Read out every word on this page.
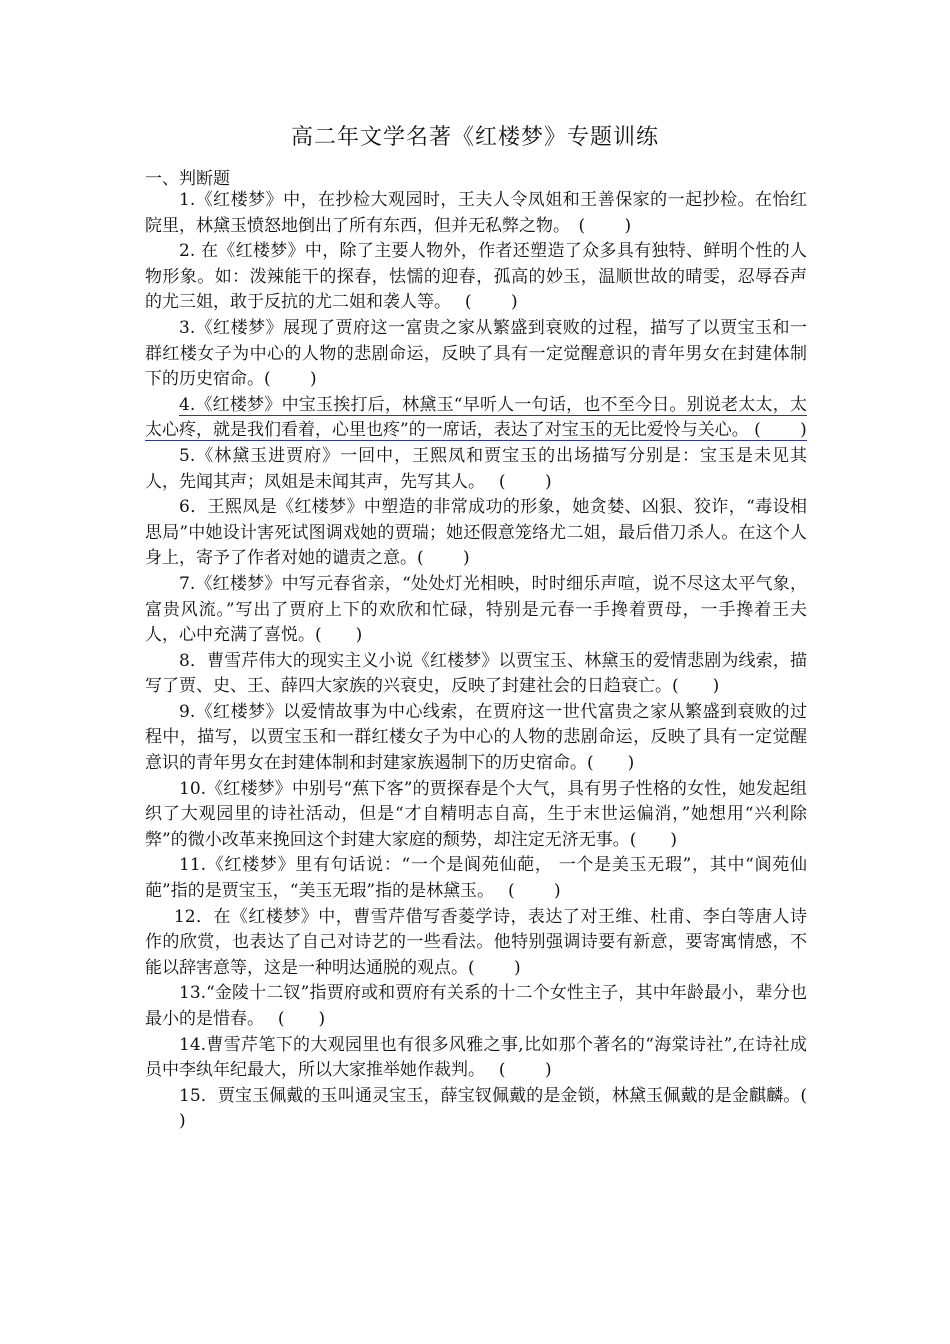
高二年文学名著《红楼梦》专题训练
一、判断题

1.《红楼梦》中，在抄检大观园时，王夫人令凤姐和王善保家的一起抄检。在怡红院里，林黛玉愤怒地倒出了所有东西，但并无私弊之物。　( 　　)

2. 在《红楼梦》中，除了主要人物外，作者还塑造了众多具有独特、鲜明个性的人物形象。如：泼辣能干的探春，怯懦的迎春，孤高的妙玉，温顺世故的晴雯，忍辱吞声的尤三姐，敢于反抗的尤二姐和袭人等。　 ( 　　)

3.《红楼梦》展现了贾府这一富贵之家从繁盛到衰败的过程，描写了以贾宝玉和一群红楼女子为中心的人物的悲剧命运，反映了具有一定觉醒意识的青年男女在封建体制下的历史宿命。(　 　)

4.《红楼梦》中宝玉挨打后，林黛玉“早听人一句话，也不至今日。别说老太太，太太心疼，就是我们看着，心里也疼”的一席话，表达了对宝玉的无比爱怜与关心。 ( 　　)

5.《林黛玉进贾府》一回中，王熙凤和贾宝玉的出场描写分别是：宝玉是未见其人，先闻其声；凤姐是未闻其声，先写其人。　 ( 　　)

6．王熙凤是《红楼梦》中塑造的非常成功的形象，她贪婪、凶狠、狡诈，“毒设相思局”中她设计害死试图调戏她的贾瑞；她还假意笼络尤二姐，最后借刀杀人。在这个人身上，寄予了作者对她的谴责之意。( 　　)

7.《红楼梦》中写元春省亲，“处处灯光相映，时时细乐声喧，说不尽这太平气象，富贵风流。”写出了贾府上下的欢欣和忙碌，特别是元春一手搀着贾母，一手搀着王夫人，心中充满了喜悦。(　　)

8．曹雪芹伟大的现实主义小说《红楼梦》以贾宝玉、林黛玉的爱情悲剧为线索，描写了贾、史、王、薛四大家族的兴衰史，反映了封建社会的日趋衰亡。(　　)

9.《红楼梦》以爱情故事为中心线索，在贾府这一世代富贵之家从繁盛到衰败的过程中，描写，以贾宝玉和一群红楼女子为中心的人物的悲剧命运，反映了具有一定觉醒意识的青年男女在封建体制和封建家族遏制下的历史宿命。(　　)

10.《红楼梦》中别号“蕉下客”的贾探春是个大气，具有男子性格的女性，她发起组织了大观园里的诗社活动，但是“才自精明志自高，生于末世运偏消，”她想用“兴利除弊”的微小改革来挽回这个封建大家庭的颓势，却注定无济无事。(　　)

11.《红楼梦》里有句话说：“一个是阆苑仙葩， 一个是美玉无瑕”，其中“阆苑仙葩”指的是贾宝玉，“美玉无瑕”指的是林黛玉。　 ( 　　)

12．在《红楼梦》中，曹雪芹借写香菱学诗，表达了对王维、杜甫、李白等唐人诗作的欣赏，也表达了自己对诗艺的一些看法。他特别强调诗要有新意，要寄寓情感，不能以辞害意等，这是一种明达通脱的观点。( 　　)

13.“金陵十二钗”指贾府或和贾府有关系的十二个女性主子，其中年龄最小，辈分也最小的是惜春。　 (　　)

14.曹雪芹笔下的大观园里也有很多风雅之事,比如那个著名的“海棠诗社”,在诗社成员中李纨年纪最大，所以大家推举她作裁判。　 ( 　　)

15．贾宝玉佩戴的玉叫通灵宝玉，薛宝钗佩戴的是金锁，林黛玉佩戴的是金麒麟。( 　　)
